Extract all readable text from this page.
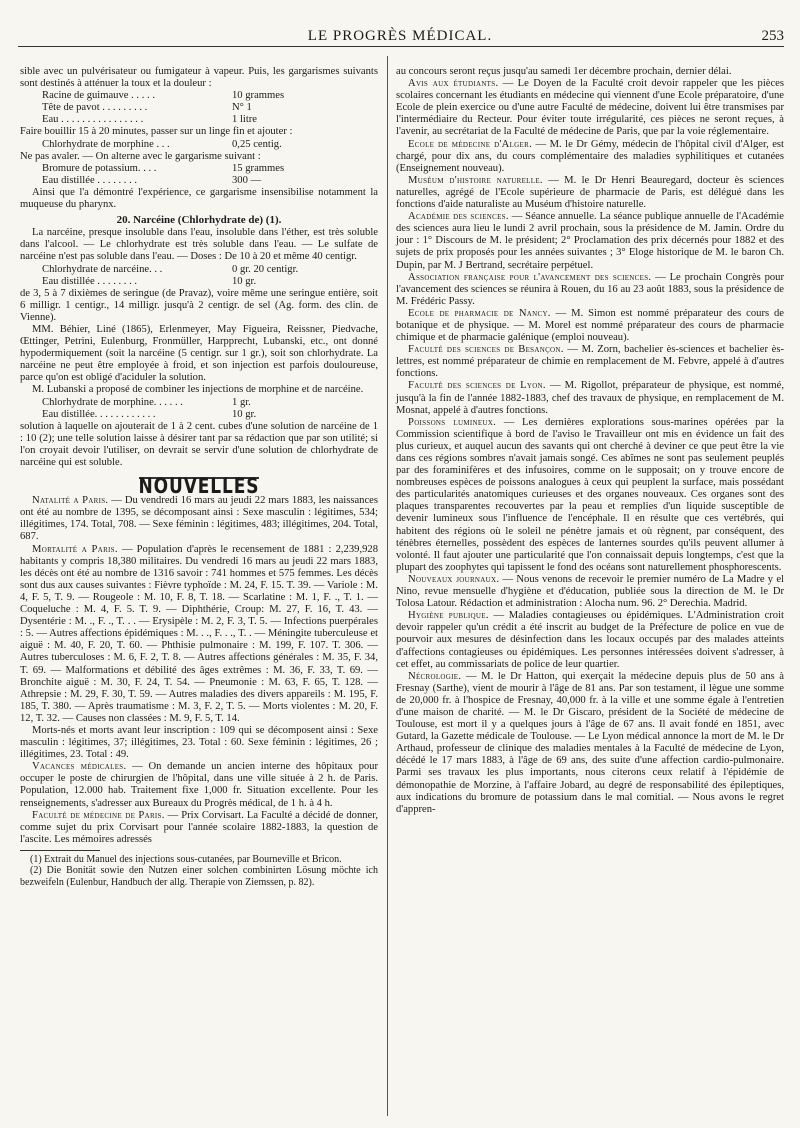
LE PROGRÈS MÉDICAL.	253

sible avec un pulvérisateur ou fumigateur à vapeur. Puis, les gargarismes suivants sont destinés à atténuer la toux et la douleur :

Racine de guimauve . . . . .	10 grammes
Tête de pavot . . . . . . . . .	N° 1
Eau . . . . . . . . . . . . . . . .	1 litre

Faire bouillir 15 à 20 minutes, passer sur un linge fin et ajouter :

Chlorhydrate de morphine . . .	0,25 centig.

Ne pas avaler. — On alterne avec le gargarisme suivant :

Bromure de potassium. . . .	15 grammes
Eau distillée . . . . . . . .	300 —

Ainsi que l'a démontré l'expérience, ce gargarisme insensibilise notamment la muqueuse du pharynx.

20. Narcéine (Chlorhydrate de) (1).

La narcéine, presque insoluble dans l'eau, insoluble dans l'éther, est très soluble dans l'alcool. — Le chlorhydrate est très soluble dans l'eau. — Le sulfate de narcéine n'est pas soluble dans l'eau. — Doses : De 10 à 20 et même 40 centigr.

Chlorhydrate de narcéine. . .	0 gr. 20 centigr.
Eau distillée . . . . . . . .	10 gr.

de 3, 5 à 7 dixièmes de seringue (de Pravaz), voire même une seringue entière, soit 6 milligr. 1 centigr., 14 milligr. jusqu'à 2 centigr. de sel (Ag. form. des clin. de Vienne).

MM. Béhier, Liné (1865), Erlenmeyer, May Figueira, Reissner, Piedvache, Œttinger, Petrini, Eulenburg, Fronmüller, Harpprecht, Lubanski, etc., ont donné hypodermiquement (soit la narcéine (5 centigr. sur 1 gr.), soit son chlorhydrate. La narcéine ne peut être employée à froid, et son injection est parfois douloureuse, parce qu'on est obligé d'aciduler la solution.

M. Lubanski a proposé de combiner les injections de morphine et de narcéine.

Chlorhydrate de morphine. . . . . .	1 gr.
Eau distillée. . . . . . . . . . . .	10 gr.

solution à laquelle on ajouterait de 1 à 2 cent. cubes d'une solution de narcéine de 1 : 10 (2); une telle solution laisse à désirer tant par sa rédaction que par son utilité; si l'on croyait devoir l'utiliser, on devrait se servir d'une solution de chlorhydrate de narcéine qui est soluble.

NOUVELLES

Natalité a Paris. — Du vendredi 16 mars au jeudi 22 mars 1883, les naissances ont été au nombre de 1395, se décomposant ainsi : Sexe masculin : légitimes, 534; illégitimes, 174. Total, 708. — Sexe féminin : légitimes, 483; illégitimes, 204. Total, 687.

Mortalité a Paris. — Population d'après le recensement de 1881 : 2,239,928 habitants y compris 18,380 militaires. Du vendredi 16 mars au jeudi 22 mars 1883, les décès ont été au nombre de 1316 savoir : 741 hommes et 575 femmes. Les décès sont dus aux causes suivantes : Fièvre typhoïde : M. 24, F. 15. T. 39. — Variole : M. 4, F. 5, T. 9. — Rougeole : M. 10, F. 8, T. 18. — Scarlatine : M. 1, F. ., T. 1. — Coqueluche : M. 4, F. 5. T. 9. — Diphthérie, Croup: M. 27, F. 16, T. 43. — Dysentérie : M. ., F. ., T. . . — Erysipèle : M. 2, F. 3, T. 5. — Infections puerpérales : 5. — Autres affections épidémiques : M. . ., F. . ., T. . — Méningite tuberculeuse et aiguë : M. 40, F. 20, T. 60. — Phthisie pulmonaire : M. 199, F. 107. T. 306. — Autres tuberculoses : M. 6, F. 2, T. 8. — Autres affections générales : M. 35, F. 34, T. 69. — Malformations et débilité des âges extrêmes : M. 36, F. 33, T. 69. — Bronchite aiguë : M. 30, F. 24, T. 54. — Pneumonie : M. 63, F. 65, T. 128. — Athrepsie : M. 29, F. 30, T. 59. — Autres maladies des divers appareils : M. 195, F. 185, T. 380. — Après traumatisme : M. 3, F. 2, T. 5. — Morts violentes : M. 20, F. 12, T. 32. — Causes non classées : M. 9, F. 5, T. 14.

Morts-nés et morts avant leur inscription : 109 qui se décomposent ainsi : Sexe masculin : légitimes, 37; illégitimes, 23. Total : 60. Sexe féminin : légitimes, 26 ; illégitimes, 23. Total : 49.

Vacances médicales. — On demande un ancien interne des hôpitaux pour occuper le poste de chirurgien de l'hôpital, dans une ville située à 2 h. de Paris. Population, 12.000 hab. Traitement fixe 1,000 fr. Situation excellente. Pour les renseignements, s'adresser aux Bureaux du Progrès médical, de 1 h. à 4 h.

Faculté de médecine de Paris. — Prix Corvisart. La Faculté a décidé de donner, comme sujet du prix Corvisart pour l'année scolaire 1882-1883, la question de l'ascite. Les mémoires adressés

(1) Extrait du Manuel des injections sous-cutanées, par Bourneville et Bricon.

(2) Die Bonität sowie den Nutzen einer solchen combinirten Lösung möchte ich bezweifeln (Eulenbur, Handbuch der allg. Therapie von Ziemssen, p. 82).

au concours seront reçus jusqu'au samedi 1er décembre prochain, dernier délai.

Avis aux étudiants. — Le Doyen de la Faculté croit devoir rappeler que les pièces scolaires concernant les étudiants en médecine qui viennent d'une Ecole préparatoire, d'une Ecole de plein exercice ou d'une autre Faculté de médecine, doivent lui être transmises par l'intermédiaire du Recteur. Pour éviter toute irrégularité, ces pièces ne seront reçues, à l'avenir, au secrétariat de la Faculté de médecine de Paris, que par la voie réglementaire.

Ecole de médecine d'Alger. — M. le Dr Gémy, médecin de l'hôpital civil d'Alger, est chargé, pour dix ans, du cours complémentaire des maladies syphilitiques et cutanées (Enseignement nouveau).

Muséum d'histoire naturelle. — M. le Dr Henri Beauregard, docteur ès sciences naturelles, agrégé de l'Ecole supérieure de pharmacie de Paris, est délégué dans les fonctions d'aide naturaliste au Muséum d'histoire naturelle.

Académie des sciences. — Séance annuelle. La séance publique annuelle de l'Académie des sciences aura lieu le lundi 2 avril prochain, sous la présidence de M. Jamin. Ordre du jour : 1° Discours de M. le président; 2° Proclamation des prix décernés pour 1882 et des sujets de prix proposés pour les années suivantes ; 3° Eloge historique de M. le baron Ch. Dupin, par M. J Bertrand, secrétaire perpétuel.

Association française pour l'avancement des sciences. — Le prochain Congrès pour l'avancement des sciences se réunira à Rouen, du 16 au 23 août 1883, sous la présidence de M. Frédéric Passy.

Ecole de pharmacie de Nancy. — M. Simon est nommé préparateur des cours de botanique et de physique. — M. Morel est nommé préparateur des cours de pharmacie chimique et de pharmacie galénique (emploi nouveau).

Faculté des sciences de Besançon. — M. Zorn, bachelier ès-sciences et bachelier ès-lettres, est nommé préparateur de chimie en remplacement de M. Febvre, appelé à d'autres fonctions.

Faculté des sciences de Lyon. — M. Rigollot, préparateur de physique, est nommé, jusqu'à la fin de l'année 1882-1883, chef des travaux de physique, en remplacement de M. Mosnat, appelé à d'autres fonctions.

Poissons lumineux. — Les dernières explorations sous-marines opérées par la Commission scientifique à bord de l'aviso le Travailleur ont mis en évidence un fait des plus curieux, et auquel aucun des savants qui ont cherché à deviner ce que peut être la vie dans ces régions sombres n'avait jamais songé. Ces abîmes ne sont pas seulement peuplés par des foraminifères et des infusoires, comme on le supposait; on y trouve encore de nombreuses espèces de poissons analogues à ceux qui peuplent la surface, mais possédant des particularités anatomiques curieuses et des organes nouveaux. Ces organes sont des plaques transparentes recouvertes par la peau et remplies d'un liquide susceptible de devenir lumineux sous l'influence de l'encéphale. Il en résulte que ces vertébrés, qui habitent des régions où le soleil ne pénètre jamais et où règnent, par conséquent, des ténèbres éternelles, possèdent des espèces de lanternes sourdes qu'ils peuvent allumer à volonté. Il faut ajouter une particularité que l'on connaissait depuis longtemps, c'est que la plupart des zoophytes qui tapissent le fond des océans sont naturellement phosphorescents.

Nouveaux journaux. — Nous venons de recevoir le premier numéro de La Madre y el Nino, revue mensuelle d'hygiène et d'éducation, publiée sous la direction de M. le Dr Tolosa Latour. Rédaction et administration : Alocha num. 96. 2° Derechia. Madrid.

Hygiène publique. — Maladies contagieuses ou épidémiques. L'Administration croit devoir rappeler qu'un crédit a été inscrit au budget de la Préfecture de police en vue de pourvoir aux mesures de désinfection dans les locaux occupés par des malades atteints d'affections contagieuses ou épidémiques. Les personnes intéressées doivent s'adresser, à cet effet, au commissariats de police de leur quartier.

Nécrologie. — M. le Dr Hatton, qui exerçait la médecine depuis plus de 50 ans à Fresnay (Sarthe), vient de mourir à l'âge de 81 ans. Par son testament, il lègue une somme de 20,000 fr. à l'hospice de Fresnay, 40,000 fr. à la ville et une somme égale à l'entretien d'une maison de charité. — M. le Dr Giscaro, président de la Société de médecine de Toulouse, est mort il y a quelques jours à l'âge de 67 ans. Il avait fondé en 1851, avec Gutard, la Gazette médicale de Toulouse. — Le Lyon médical annonce la mort de M. le Dr Arthaud, professeur de clinique des maladies mentales à la Faculté de médecine de Lyon, décédé le 17 mars 1883, à l'âge de 69 ans, des suite d'une affection cardio-pulmonaire. Parmi ses travaux les plus importants, nous citerons ceux relatif à l'épidémie de démonopathie de Morzine, à l'affaire Jobard, au degré de responsabilité des épileptiques, aux indications du bromure de potassium dans le mal comitial. — Nous avons le regret d'appren-
